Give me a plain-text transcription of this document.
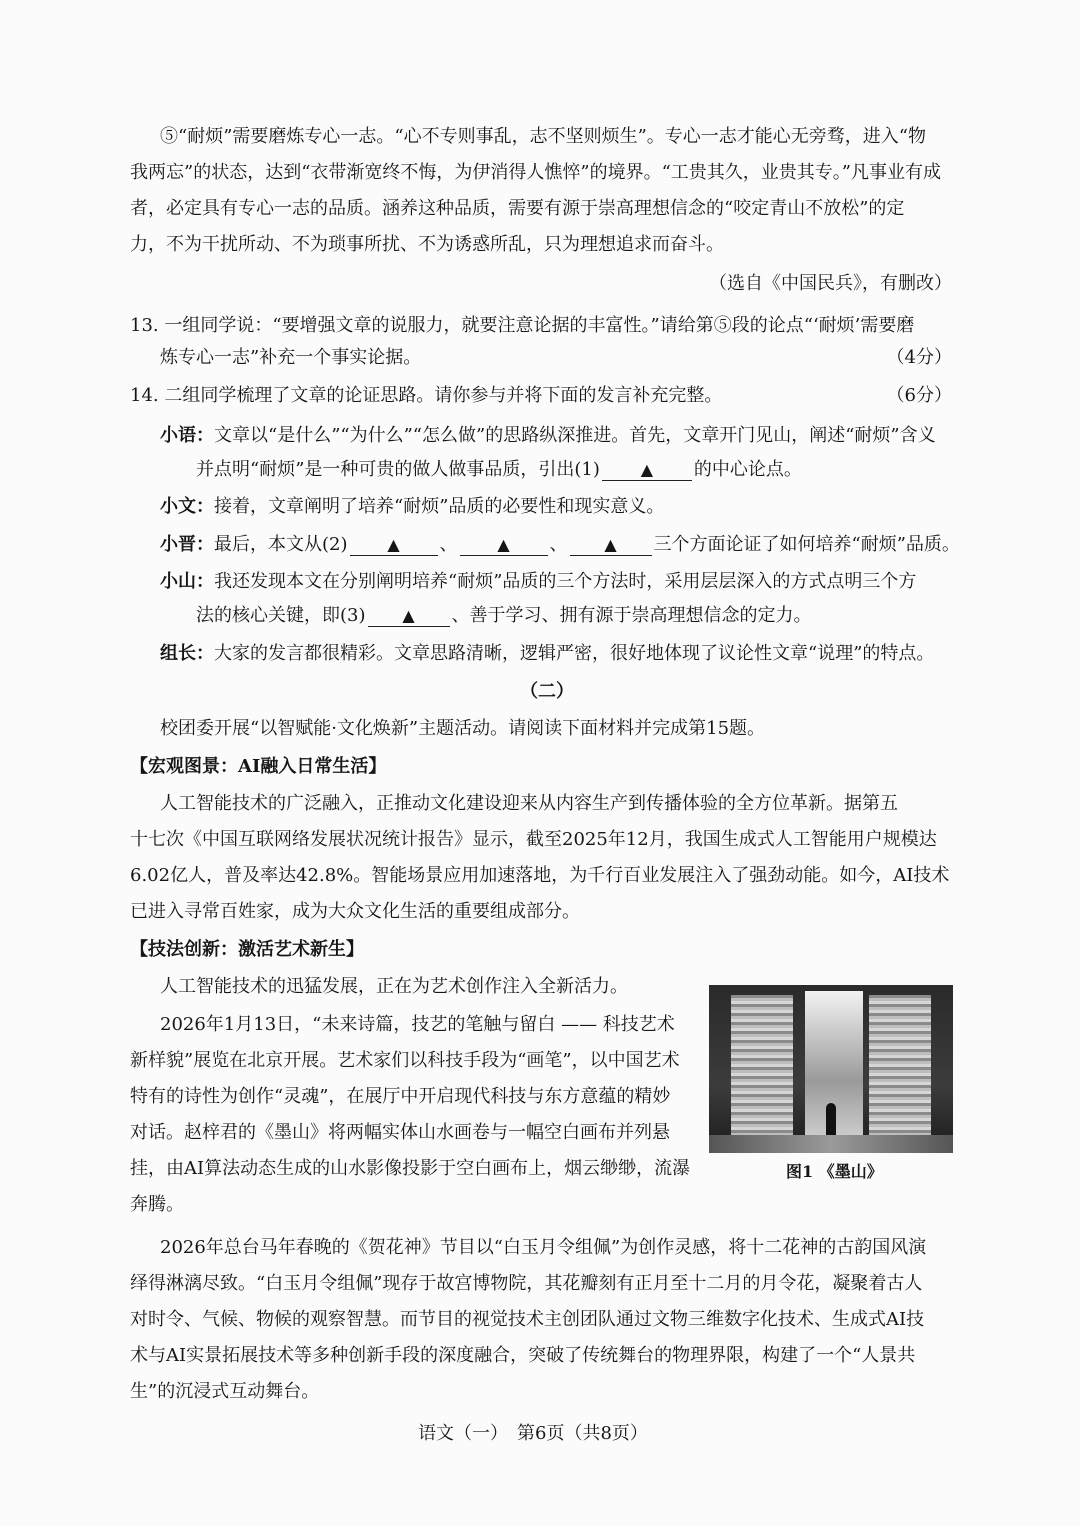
⑤“耐烦”需要磨炼专心一志。“心不专则事乱，志不坚则烦生”。专心一志才能心无旁骛，进入“物
我两忘”的状态，达到“衣带渐宽终不悔，为伊消得人憔悴”的境界。“工贵其久，业贵其专。”凡事业有成
者，必定具有专心一志的品质。涵养这种品质，需要有源于崇高理想信念的“咬定青山不放松”的定
力，不为干扰所动、不为琐事所扰、不为诱惑所乱，只为理想追求而奋斗。
（选自《中国民兵》，有删改）
13. 一组同学说：“要增强文章的说服力，就要注意论据的丰富性。”请给第⑤段的论点“‘耐烦’需要磨
炼专心一志”补充一个事实论据。	（4分）
14. 二组同学梳理了文章的论证思路。请你参与并将下面的发言补充完整。	（6分）
小语：文章以“是什么”“为什么”“怎么做”的思路纵深推进。首先，文章开门见山，阐述“耐烦”含义
并点明“耐烦”是一种可贵的做人做事品质，引出(1)	▲ 的中心论点。
小文：接着，文章阐明了培养“耐烦”品质的必要性和现实意义。
小晋：最后，本文从(2) ▲ 、 ▲ 、 ▲ 三个方面论证了如何培养“耐烦”品质。
小山：我还发现本文在分别阐明培养“耐烦”品质的三个方法时，采用层层深入的方式点明三个方
法的核心关键，即(3) ▲ 、善于学习、拥有源于崇高理想信念的定力。
组长：大家的发言都很精彩。文章思路清晰，逻辑严密，很好地体现了议论性文章“说理”的特点。
（二）
校团委开展“以智赋能·文化焕新”主题活动。请阅读下面材料并完成第15题。
【宏观图景：AI融入日常生活】
人工智能技术的广泛融入，正推动文化建设迎来从内容生产到传播体验的全方位革新。据第五
十七次《中国互联网络发展状况统计报告》显示，截至2025年12月，我国生成式人工智能用户规模达
6.02亿人，普及率达42.8%。智能场景应用加速落地，为千行百业发展注入了强劲动能。如今，AI技术
已进入寻常百姓家，成为大众文化生活的重要组成部分。
【技法创新：激活艺术新生】
人工智能技术的迅猛发展，正在为艺术创作注入全新活力。
2026年1月13日，“未来诗篇，技艺的笔触与留白 —— 科技艺术
新样貌”展览在北京开展。艺术家们以科技手段为“画笔”，以中国艺术
特有的诗性为创作“灵魂”，在展厅中开启现代科技与东方意蕴的精妙
对话。赵梓君的《墨山》将两幅实体山水画卷与一幅空白画布并列悬
挂，由AI算法动态生成的山水影像投影于空白画布上，烟云缈缈，流瀑
奔腾。
图1 《墨山》
2026年总台马年春晚的《贺花神》节目以“白玉月令组佩”为创作灵感，将十二花神的古韵国风演
绎得淋漓尽致。“白玉月令组佩”现存于故宫博物院，其花瓣刻有正月至十二月的月令花，凝聚着古人
对时令、气候、物候的观察智慧。而节目的视觉技术主创团队通过文物三维数字化技术、生成式AI技
术与AI实景拓展技术等多种创新手段的深度融合，突破了传统舞台的物理界限，构建了一个“人景共
生”的沉浸式互动舞台。
语文（一）　第6页（共8页）
